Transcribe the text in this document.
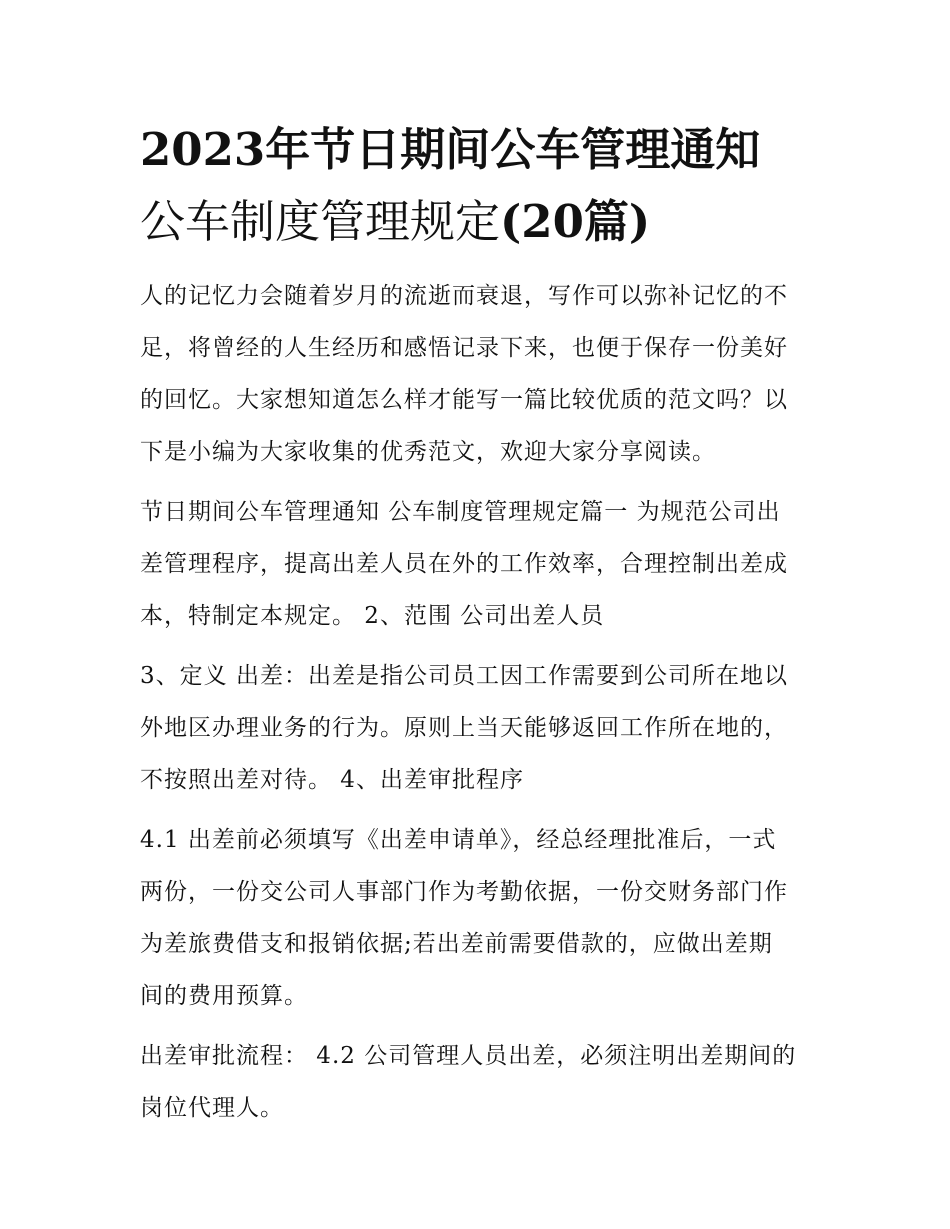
2023年节日期间公车管理通知
公车制度管理规定(20篇)

人的记忆力会随着岁月的流逝而衰退，写作可以弥补记忆的不
足，将曾经的人生经历和感悟记录下来，也便于保存一份美好
的回忆。大家想知道怎么样才能写一篇比较优质的范文吗？以
下是小编为大家收集的优秀范文，欢迎大家分享阅读。

节日期间公车管理通知 公车制度管理规定篇一 为规范公司出
差管理程序，提高出差人员在外的工作效率，合理控制出差成
本，特制定本规定。 2、范围 公司出差人员

3、定义 出差：出差是指公司员工因工作需要到公司所在地以
外地区办理业务的行为。原则上当天能够返回工作所在地的，
不按照出差对待。 4、出差审批程序

4.1 出差前必须填写《出差申请单》，经总经理批准后，一式
两份，一份交公司人事部门作为考勤依据，一份交财务部门作
为差旅费借支和报销依据;若出差前需要借款的，应做出差期
间的费用预算。

出差审批流程： 4.2 公司管理人员出差，必须注明出差期间的
岗位代理人。
